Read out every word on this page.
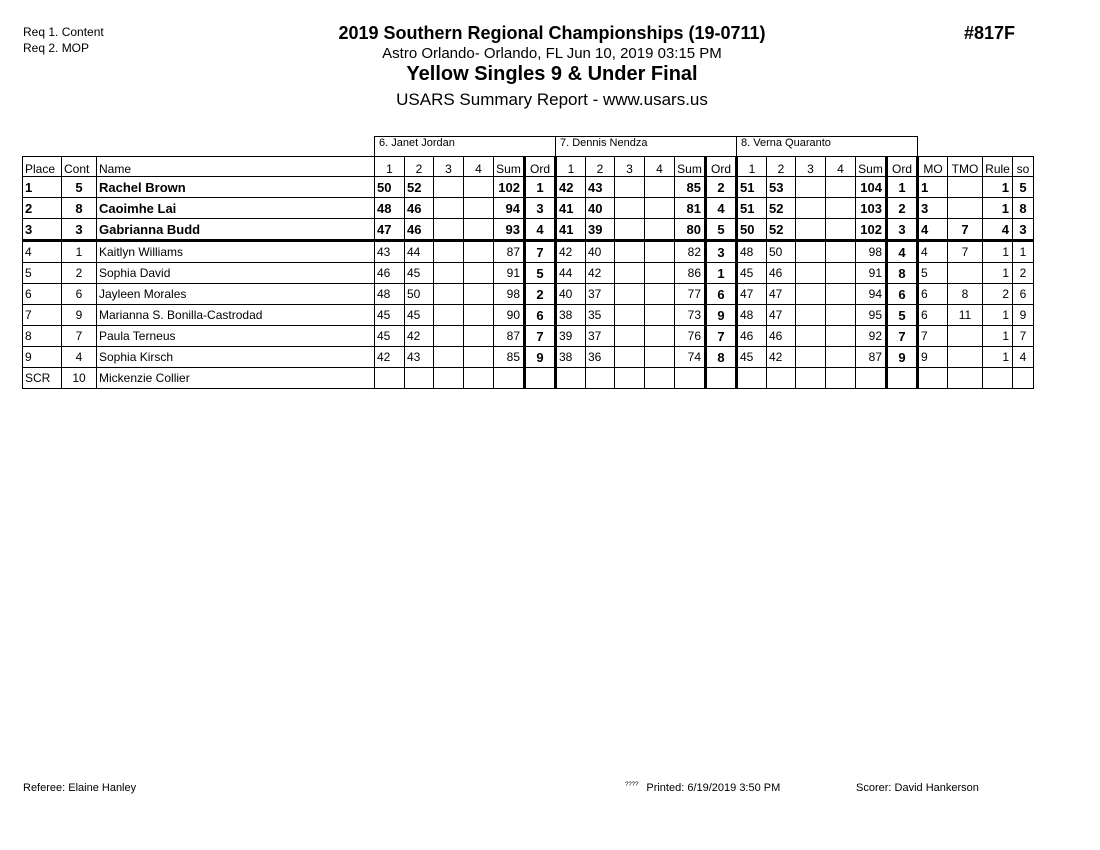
Req 1. Content
Req 2. MOP
2019 Southern Regional Championships (19-0711)
Astro Orlando- Orlando, FL Jun 10, 2019 03:15 PM
Yellow Singles 9 & Under Final
USARS Summary Report - www.usars.us
#817F
			6. Janet Jordan						7. Dennis Nendza						8. Verna Quaranto									
Place	Cont	Name	1	2	3	4	Sum	Ord	1	2	3	4	Sum	Ord	1	2	3	4	Sum	Ord	MO	TMO	Rule	so
1	5	Rachel Brown	50	52			102	1	42	43			85	2	51	53			104	1	1		1	5
2	8	Caoimhe Lai	48	46			94	3	41	40			81	4	51	52			103	2	3		1	8
3	3	Gabrianna Budd	47	46			93	4	41	39			80	5	50	52			102	3	4	7	4	3
4	1	Kaitlyn Williams	43	44			87	7	42	40			82	3	48	50			98	4	4	7	1	1
5	2	Sophia David	46	45			91	5	44	42			86	1	45	46			91	8	5		1	2
6	6	Jayleen Morales	48	50			98	2	40	37			77	6	47	47			94	6	6	8	2	6
7	9	Marianna S. Bonilla-Castrodad	45	45			90	6	38	35			73	9	48	47			95	5	6	11	1	9
8	7	Paula Terneus	45	42			87	7	39	37			76	7	46	46			92	7	7		1	7
9	4	Sophia Kirsch	42	43			85	9	38	36			74	8	45	42			87	9	9		1	4
SCR	10	Mickenzie Collier																						
Referee: Elaine Hanley	???? Printed: 6/19/2019 3:50 PM	Scorer: David Hankerson
